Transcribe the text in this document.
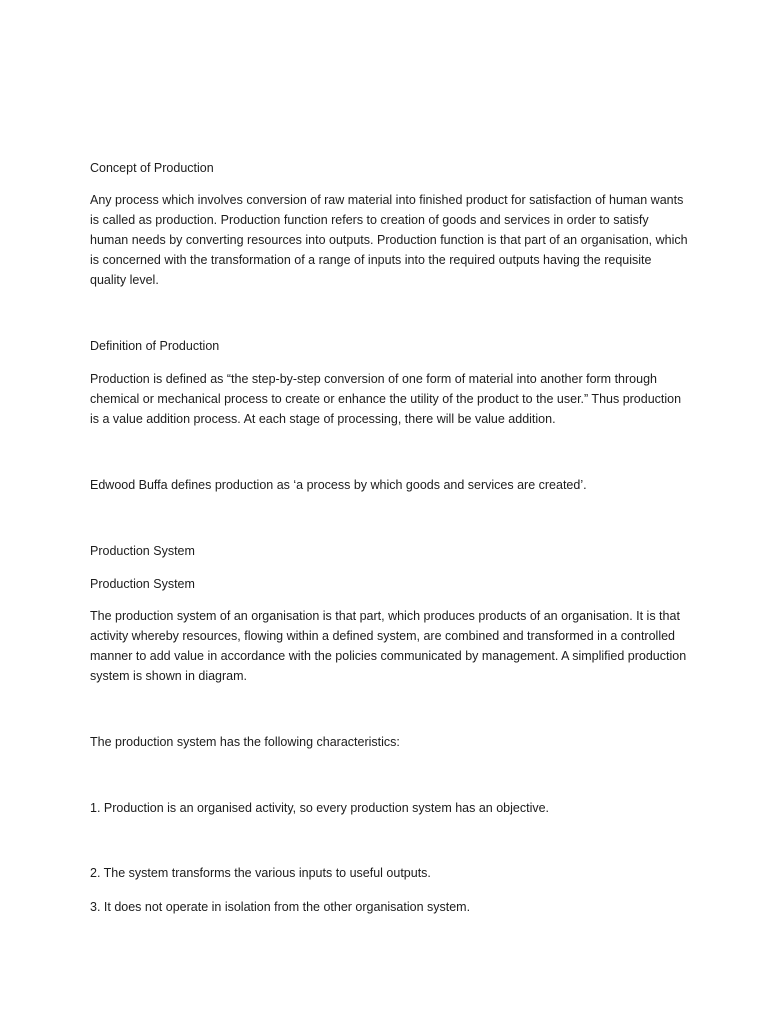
Concept of Production

Any process which involves conversion of raw material into finished product for satisfaction of human wants is called as production. Production function refers to creation of goods and services in order to satisfy human needs by converting resources into outputs. Production function is that part of an organisation, which is concerned with the transformation of a range of inputs into the required outputs having the requisite quality level.

Definition of Production

Production is defined as “the step-by-step conversion of one form of material into another form through chemical or mechanical process to create or enhance the utility of the product to the user.” Thus production is a value addition process. At each stage of processing, there will be value addition.

Edwood Buffa defines production as ‘a process by which goods and services are created’.

Production System

Production System

The production system of an organisation is that part, which produces products of an organisation. It is that activity whereby resources, flowing within a defined system, are combined and transformed in a controlled manner to add value in accordance with the policies communicated by management. A simplified production system is shown in diagram.

The production system has the following characteristics:

1. Production is an organised activity, so every production system has an objective.

2. The system transforms the various inputs to useful outputs.

3. It does not operate in isolation from the other organisation system.
